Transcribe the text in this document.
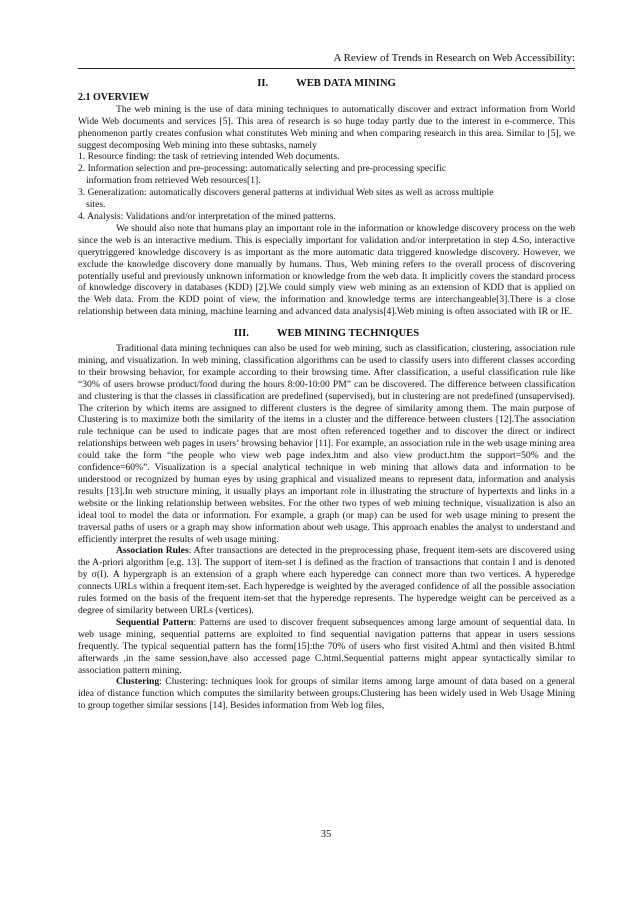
A Review of Trends in Research on Web Accessibility:
II.	WEB DATA MINING
2.1 OVERVIEW

The web mining is the use of data mining techniques to automatically discover and extract information from World Wide Web documents and services [5]. This area of research is so huge today partly due to the interest in e-commerce. This phenomenon partly creates confusion what constitutes Web mining and when comparing research in this area. Similar to [5], we suggest decomposing Web mining into these subtasks, namely

1. Resource finding: the task of retrieving intended Web documents.
2. Information selection and pre-processing: automatically selecting and pre-processing specific
information from retrieved Web resources[1].
3. Generalization: automatically discovers general patterns at individual Web sites as well as across multiple
sites.
4. Analysis: Validations and/or interpretation of the mined patterns.

We should also note that humans play an important role in the information or knowledge discovery process on the web since the web is an interactive medium. This is especially important for validation and/or interpretation in step 4.So, interactive querytriggered knowledge discovery is as important as the more automatic data triggered knowledge discovery. However, we exclude the knowledge discovery done manually by humans. Thus, Web mining refers to the overall process of discovering potentially useful and previously unknown information or knowledge from the web data. It implicitly covers the standard process of knowledge discovery in databases (KDD) [2].We could simply view web mining as an extension of KDD that is applied on the Web data. From the KDD point of view, the information and knowledge terms are interchangeable[3].There is a close relationship between data mining, machine learning and advanced data analysis[4].Web mining is often associated with IR or IE.

III.	WEB MINING TECHNIQUES

Traditional data mining techniques can also be used for web mining, such as classification, clustering, association rule mining, and visualization. In web mining, classification algorithms can be used to classify users into different classes according to their browsing behavior, for example according to their browsing time. After classification, a useful classification rule like “30% of users browse product/food during the hours 8:00-10:00 PM” can be discovered. The difference between classification and clustering is that the classes in classification are predefined (supervised), but in clustering are not predefined (unsupervised). The criterion by which items are assigned to different clusters is the degree of similarity among them. The main purpose of Clustering is to maximize both the similarity of the items in a cluster and the difference between clusters [12].The association rule technique can be used to indicate pages that are most often referenced together and to discover the direct or indirect relationships between web pages in users’ browsing behavior [11]. For example, an association rule in the web usage mining area could take the form “the people who view web page index.htm and also view product.htm the support=50% and the confidence=60%”. Visualization is a special analytical technique in web mining that allows data and information to be understood or recognized by human eyes by using graphical and visualized means to represent data, information and analysis results [13].In web structure mining, it usually plays an important role in illustrating the structure of hypertexts and links in a website or the linking relationship between websites. For the other two types of web mining technique, visualization is also an ideal tool to model the data or information. For example, a graph (or map) can be used for web usage mining to present the traversal paths of users or a graph may show information about web usage. This approach enables the analyst to understand and efficiently interpret the results of web usage mining.

Association Rules: After transactions are detected in the preprocessing phase, frequent item-sets are discovered using the A-priori algorithm [e.g. 13]. The support of item-set I is defined as the fraction of transactions that contain I and is denoted by σ(I). A hypergraph is an extension of a graph where each hyperedge can connect more than two vertices. A hyperedge connects URLs within a frequent item-set. Each hyperedge is weighted by the averaged confidence of all the possible association rules formed on the basis of the frequent item-set that the hyperedge represents. The hyperedge weight can be perceived as a degree of similarity between URLs (vertices).

Sequential Pattern: Patterns are used to discover frequent subsequences among large amount of sequential data. In web usage mining, sequential patterns are exploited to find sequential navigation patterns that appear in users sessions frequently. The typical sequential pattern has the form[15]:the 70% of users who first visited A.html and then visited B.html afterwards ,in the same session,have also accessed page C.html.Sequential patterns might appear syntactically similar to association pattern mining.

Clustering: Clustering: techniques look for groups of similar items among large amount of data based on a general idea of distance function which computes the similarity between groups.Clustering has been widely used in Web Usage Mining to group together similar sessions [14]. Besides information from Web log files,

35
